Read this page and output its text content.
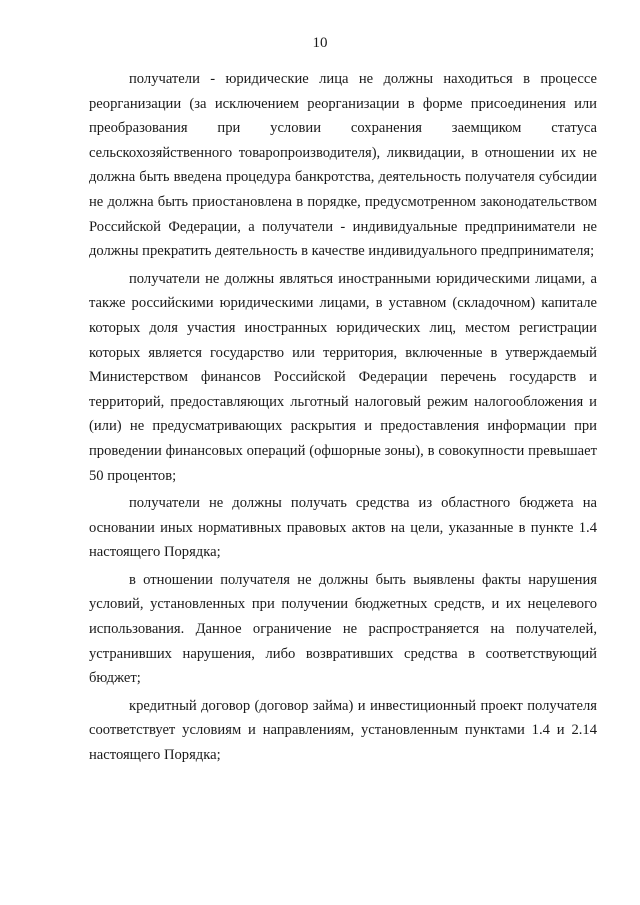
10

получатели - юридические лица не должны находиться в процессе реорганизации (за исключением реорганизации в форме присоединения или преобразования при условии сохранения заемщиком статуса сельскохозяйственного товаропроизводителя), ликвидации, в отношении их не должна быть введена процедура банкротства, деятельность получателя субсидии не должна быть приостановлена в порядке, предусмотренном законодательством Российской Федерации, а получатели - индивидуальные предприниматели не должны прекратить деятельность в качестве индивидуального предпринимателя;

получатели не должны являться иностранными юридическими лицами, а также российскими юридическими лицами, в уставном (складочном) капитале которых доля участия иностранных юридических лиц, местом регистрации которых является государство или территория, включенные в утверждаемый Министерством финансов Российской Федерации перечень государств и территорий, предоставляющих льготный налоговый режим налогообложения и (или) не предусматривающих раскрытия и предоставления информации при проведении финансовых операций (офшорные зоны), в совокупности превышает 50 процентов;

получатели не должны получать средства из областного бюджета на основании иных нормативных правовых актов на цели, указанные в пункте 1.4 настоящего Порядка;

в отношении получателя не должны быть выявлены факты нарушения условий, установленных при получении бюджетных средств, и их нецелевого использования. Данное ограничение не распространяется на получателей, устранивших нарушения, либо возвративших средства в соответствующий бюджет;

кредитный договор (договор займа) и инвестиционный проект получателя соответствует условиям и направлениям, установленным пунктами 1.4 и 2.14 настоящего Порядка;
